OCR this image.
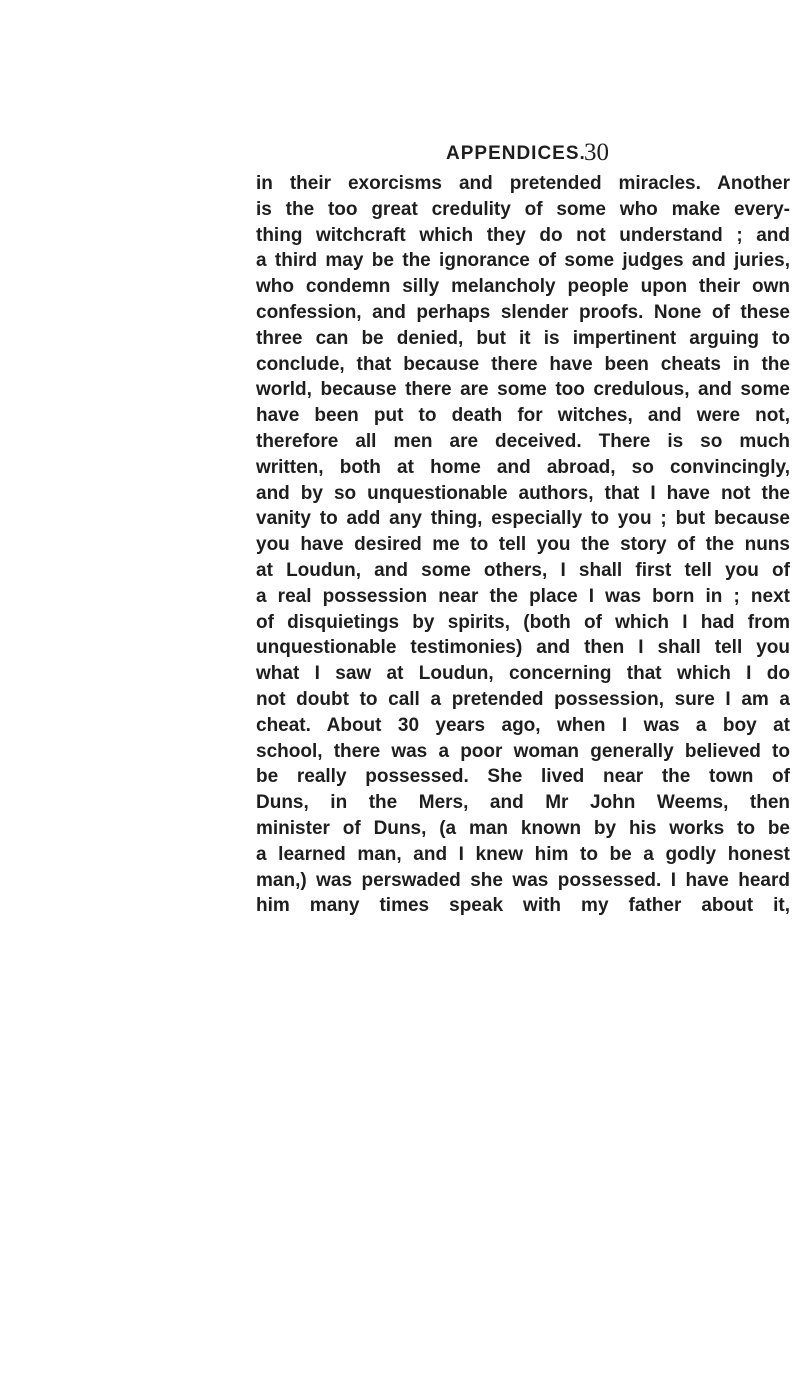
APPENDICES.
30
in their exorcisms and pretended miracles. Another
is the too great credulity of some who make every-
thing witchcraft which they do not understand ; and
a third may be the ignorance of some judges and juries,
who condemn silly melancholy people upon their own
confession, and perhaps slender proofs. None of these
three can be denied, but it is impertinent arguing to
conclude, that because there have been cheats in the
world, because there are some too credulous, and some
have been put to death for witches, and were not,
therefore all men are deceived. There is so much
written, both at home and abroad, so convincingly,
and by so unquestionable authors, that I have not the
vanity to add any thing, especially to you ; but because
you have desired me to tell you the story of the nuns
at Loudun, and some others, I shall first tell you of
a real possession near the place I was born in ; next
of disquietings by spirits, (both of which I had from
unquestionable testimonies) and then I shall tell you
what I saw at Loudun, concerning that which I do
not doubt to call a pretended possession, sure I am a
cheat. About 30 years ago, when I was a boy at
school, there was a poor woman generally believed to
be really possessed. She lived near the town of
Duns, in the Mers, and Mr John Weems, then
minister of Duns, (a man known by his works to be
a learned man, and I knew him to be a godly honest
man,) was perswaded she was possessed. I have heard
him many times speak with my father about it,
